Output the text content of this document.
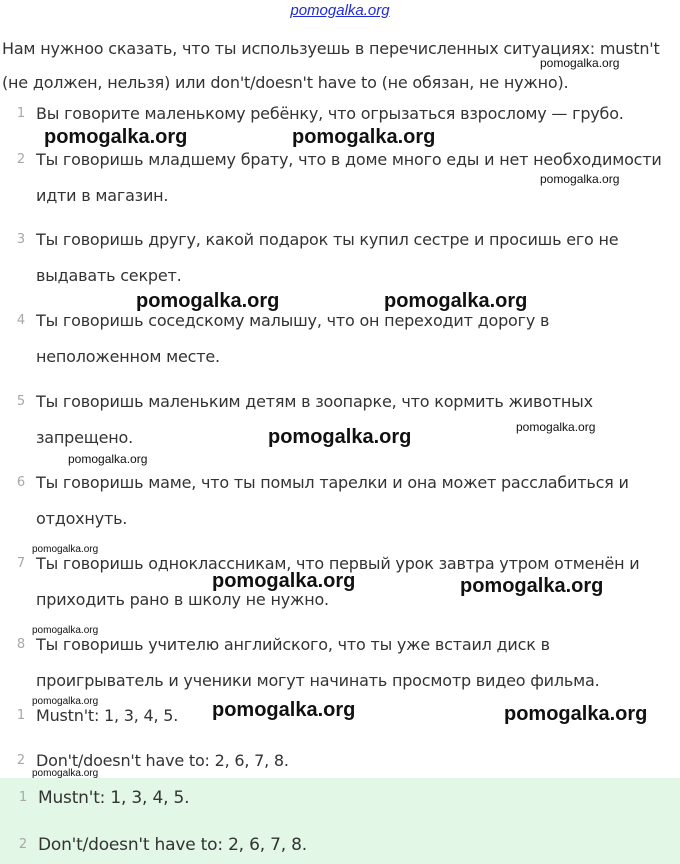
pomogalka.org
Нам нужноо сказать, что ты используешь в перечисленных ситуациях: mustn't
(не должен, нельзя) или don't/doesn't have to (не обязан, не нужно).
1 Вы говорите маленькому ребёнку, что огрызаться взрослому — грубо.
2 Ты говоришь младшему брату, что в доме много еды и нет необходимости
идти в магазин.
3 Ты говоришь другу, какой подарок ты купил сестре и просишь его не
выдавать секрет.
4 Ты говоришь соседскому малышу, что он переходит дорогу в
неположенном месте.
5 Ты говоришь маленьким детям в зоопарке, что кормить животных
запрещено.
6 Ты говоришь маме, что ты помыл тарелки и она может расслабиться и
отдохнуть.
7 Ты говоришь одноклассникам, что первый урок завтра утром отменён и
приходить рано в школу не нужно.
8 Ты говоришь учителю английского, что ты уже встаил диск в
проигрыватель и ученики могут начинать просмотр видео фильма.
1 Mustn't: 1, 3, 4, 5.
2 Don't/doesn't have to: 2, 6, 7, 8.
1 Mustn't: 1, 3, 4, 5.
2 Don't/doesn't have to: 2, 6, 7, 8.
pomogalka.org
pomogalka.org	pomogalka.org
pomogalka.org
pomogalka.org	pomogalka.org
pomogalka.org	pomogalka.org
pomogalka.org
pomogalka.org
pomogalka.org	pomogalka.org
pomogalka.org
pomogalka.org	pomogalka.org	pomogalka.org
pomogalka.org
